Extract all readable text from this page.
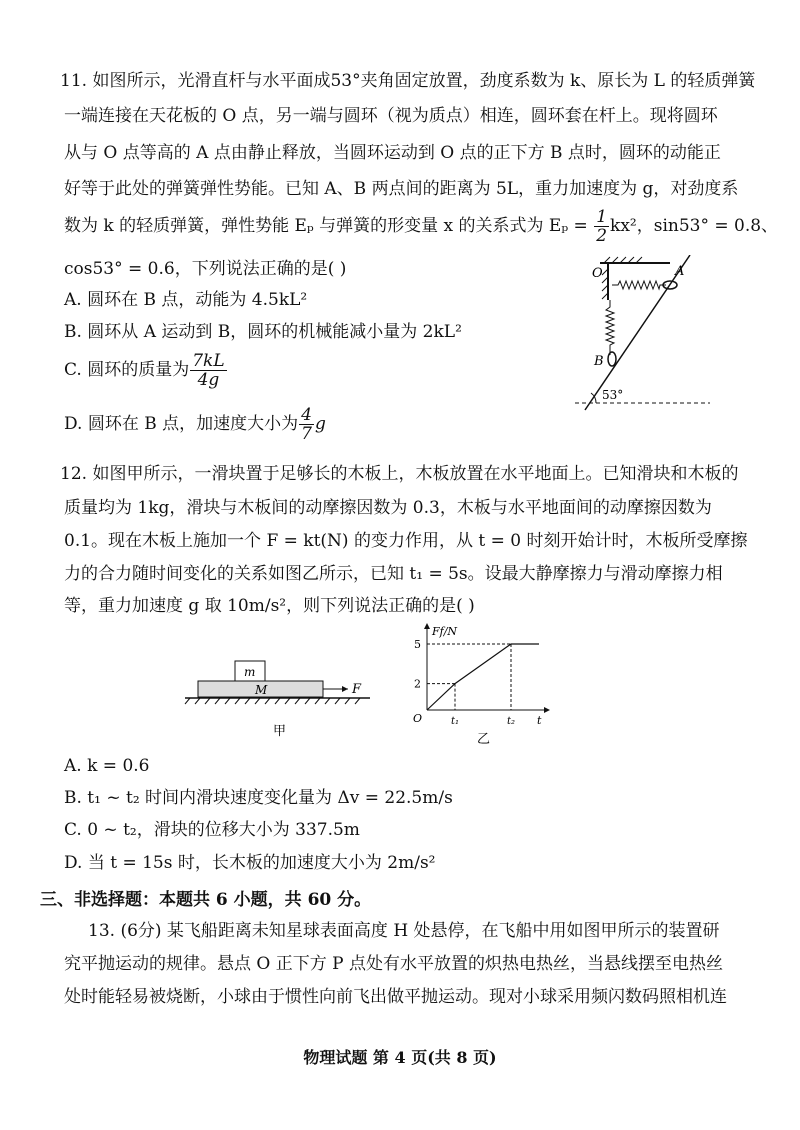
11. 如图所示，光滑直杆与水平面成53°夹角固定放置，劲度系数为 k、原长为 L 的轻质弹簧
一端连接在天花板的 O 点，另一端与圆环（视为质点）相连，圆环套在杆上。现将圆环
从与 O 点等高的 A 点由静止释放，当圆环运动到 O 点的正下方 B 点时，圆环的动能正
好等于此处的弹簧弹性势能。已知 A、B 两点间的距离为 5L，重力加速度为 g，对劲度系
数为 k 的轻质弹簧，弹性势能 Eₚ 与弹簧的形变量 x 的关系式为 $E_p = \frac{1}{2} kx^2$，sin53° = 0.8、
cos53° = 0.6，下列说法正确的是( )
A. 圆环在 B 点，动能为 4.5kL²
B. 圆环从 A 运动到 B，圆环的机械能减小量为 2kL²
C. 圆环的质量为 $\frac{7kL}{4g}$
D. 圆环在 B 点，加速度大小为 $\frac{4}{7}$ g
O	A
B
53°
12. 如图甲所示，一滑块置于足够长的木板上，木板放置在水平地面上。已知滑块和木板的
质量均为 1kg，滑块与木板间的动摩擦因数为 0.3，木板与水平地面间的动摩擦因数为
0.1。现在木板上施加一个 F = kt(N) 的变力作用，从 t = 0 时刻开始计时，木板所受摩擦
力的合力随时间变化的关系如图乙所示，已知 t₁ = 5s。设最大静摩擦力与滑动摩擦力相
等，重力加速度 g 取 10m/s²，则下列说法正确的是( )
m
M	F
甲
Ff/N
t
O
5
2
t₁	t₂
乙
A. k = 0.6
B. t₁ ~ t₂ 时间内滑块速度变化量为 Δv = 22.5m/s
C. 0 ~ t₂，滑块的位移大小为 337.5m
D. 当 t = 15s 时，长木板的加速度大小为 2m/s²
三、非选择题：本题共 6 小题，共 60 分。
13. (6分) 某飞船距离未知星球表面高度 H 处悬停，在飞船中用如图甲所示的装置研
究平抛运动的规律。悬点 O 正下方 P 点处有水平放置的炽热电热丝，当悬线摆至电热丝
处时能轻易被烧断，小球由于惯性向前飞出做平抛运动。现对小球采用频闪数码照相机连
物理试题 第 4 页(共 8 页)
